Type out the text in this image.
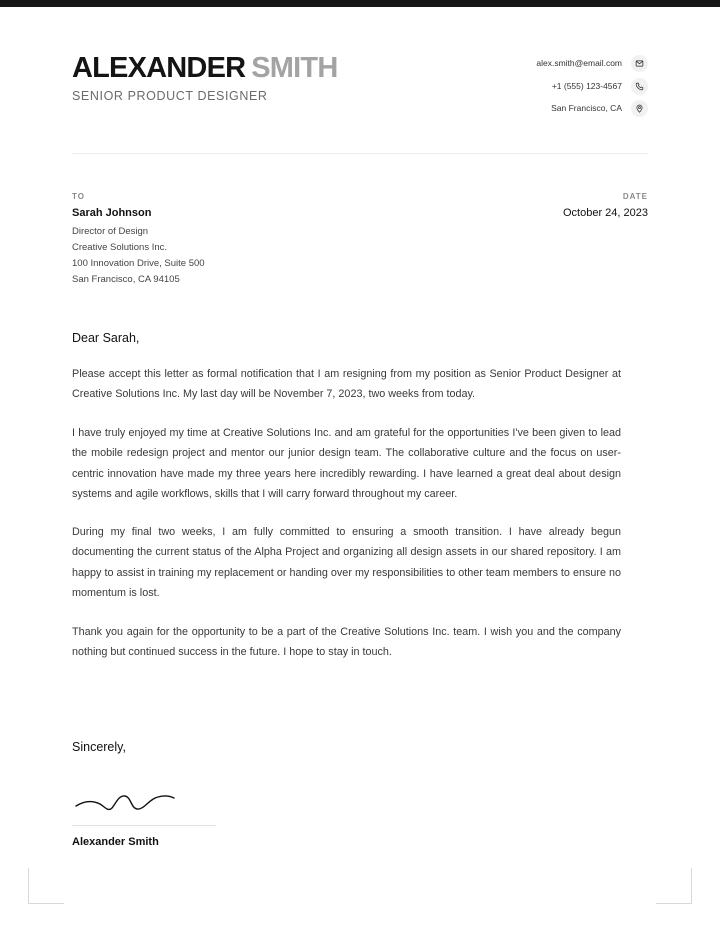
ALEXANDER SMITH
SENIOR PRODUCT DESIGNER
alex.smith@email.com
+1 (555) 123-4567
San Francisco, CA
TO
Sarah Johnson
Director of Design
Creative Solutions Inc.
100 Innovation Drive, Suite 500
San Francisco, CA 94105
DATE
October 24, 2023
Dear Sarah,

Please accept this letter as formal notification that I am resigning from my position as Senior Product Designer at Creative Solutions Inc. My last day will be November 7, 2023, two weeks from today.

I have truly enjoyed my time at Creative Solutions Inc. and am grateful for the opportunities I've been given to lead the mobile redesign project and mentor our junior design team. The collaborative culture and the focus on user-centric innovation have made my three years here incredibly rewarding. I have learned a great deal about design systems and agile workflows, skills that I will carry forward throughout my career.

During my final two weeks, I am fully committed to ensuring a smooth transition. I have already begun documenting the current status of the Alpha Project and organizing all design assets in our shared repository. I am happy to assist in training my replacement or handing over my responsibilities to other team members to ensure no momentum is lost.

Thank you again for the opportunity to be a part of the Creative Solutions Inc. team. I wish you and the company nothing but continued success in the future. I hope to stay in touch.

Sincerely,
Alexander Smith
